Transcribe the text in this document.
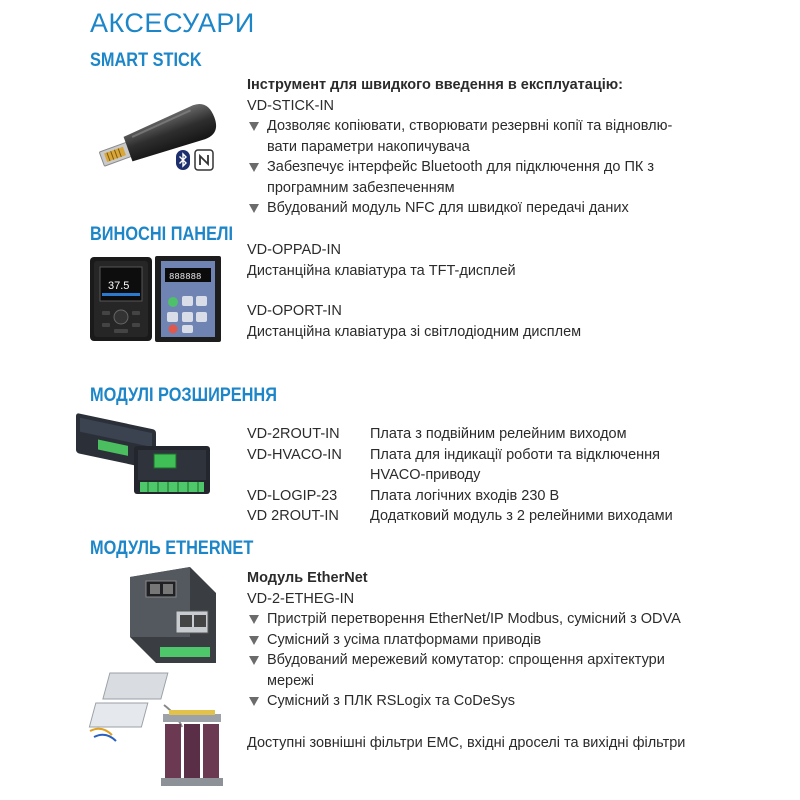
АКСЕСУАРИ
SMART STICK
Інструмент для швидкого введення в експлуатацію:
VD-STICK-IN
Дозволяє копіювати, створювати резервні копії та відновлю-
вати параметри накопичувача
Забезпечує інтерфейс Bluetooth для підключення до ПК з
програмним забезпеченням
Вбудований модуль NFC для швидкої передачі даних
ВИНОСНІ ПАНЕЛІ
37.5
888888
VD-OPPAD-IN
Дистанційна клавіатура та TFT-дисплей
VD-OPORT-IN
Дистанційна клавіатура зі світлодіодним дисплем
МОДУЛІ РОЗШИРЕННЯ
VD-2ROUT-IN	Плата з подвійним релейним виходом
VD-HVACO-IN	Плата для індикації роботи та відключення
HVACO-приводу

VD-LOGIP-23	Плата логічних входів 230 В
VD 2ROUT-IN	Додатковий модуль з 2 релейними виходами
МОДУЛЬ ETHERNET
Модуль EtherNet
VD-2-ETHEG-IN
Пристрій перетворення EtherNet/IP Modbus, сумісний з ODVA
Сумісний з усіма платформами приводів
Вбудований мережевий комутатор: спрощення архітектури
мережі
Сумісний з ПЛК RSLogix та CoDeSys
Доступні зовнішні фільтри EMC, вхідні дроселі та вихідні фільтри
